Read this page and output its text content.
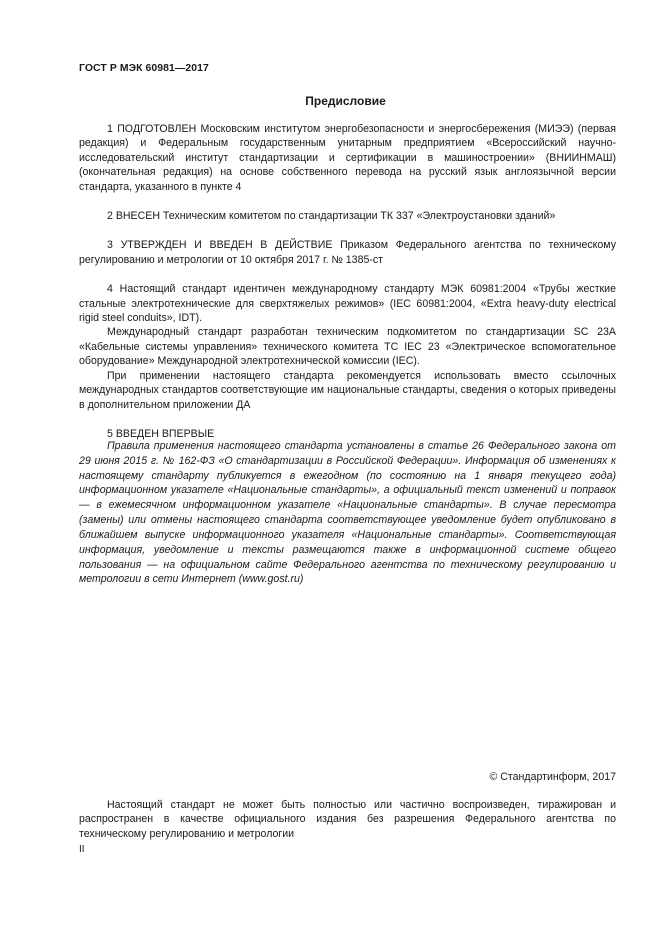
ГОСТ Р МЭК 60981—2017
Предисловие

1 ПОДГОТОВЛЕН Московским институтом энергобезопасности и энергосбережения (МИЭЭ) (первая редакция) и Федеральным государственным унитарным предприятием «Всероссийский научно-исследовательский институт стандартизации и сертификации в машиностроении» (ВНИИНМАШ) (окончательная редакция) на основе собственного перевода на русский язык англоязычной версии стандарта, указанного в пункте 4

2 ВНЕСЕН Техническим комитетом по стандартизации ТК 337 «Электроустановки зданий»

3 УТВЕРЖДЕН И ВВЕДЕН В ДЕЙСТВИЕ Приказом Федерального агентства по техническому регулированию и метрологии от 10 октября 2017 г. № 1385-ст

4 Настоящий стандарт идентичен международному стандарту МЭК 60981:2004 «Трубы жесткие стальные электротехнические для сверхтяжелых режимов» (IEC 60981:2004, «Extra heavy-duty electrical rigid steel conduits», IDT).

Международный стандарт разработан техническим подкомитетом по стандартизации SC 23A «Кабельные системы управления» технического комитета ТС IEC 23 «Электрическое вспомогательное оборудование» Международной электротехнической комиссии (IEC).

При применении настоящего стандарта рекомендуется использовать вместо ссылочных международных стандартов соответствующие им национальные стандарты, сведения о которых приведены в дополнительном приложении ДА

5 ВВЕДЕН ВПЕРВЫЕ

Правила применения настоящего стандарта установлены в статье 26 Федерального закона от 29 июня 2015 г. № 162-ФЗ «О стандартизации в Российской Федерации». Информация об изменениях к настоящему стандарту публикуется в ежегодном (по состоянию на 1 января текущего года) информационном указателе «Национальные стандарты», а официальный текст изменений и поправок — в ежемесячном информационном указателе «Национальные стандарты». В случае пересмотра (замены) или отмены настоящего стандарта соответствующее уведомление будет опубликовано в ближайшем выпуске информационного указателя «Национальные стандарты». Соответствующая информация, уведомление и тексты размещаются также в информационной системе общего пользования — на официальном сайте Федерального агентства по техническому регулированию и метрологии в сети Интернет (www.gost.ru)

© Стандартинформ, 2017

Настоящий стандарт не может быть полностью или частично воспроизведен, тиражирован и распространен в качестве официального издания без разрешения Федерального агентства по техническому регулированию и метрологии

II
